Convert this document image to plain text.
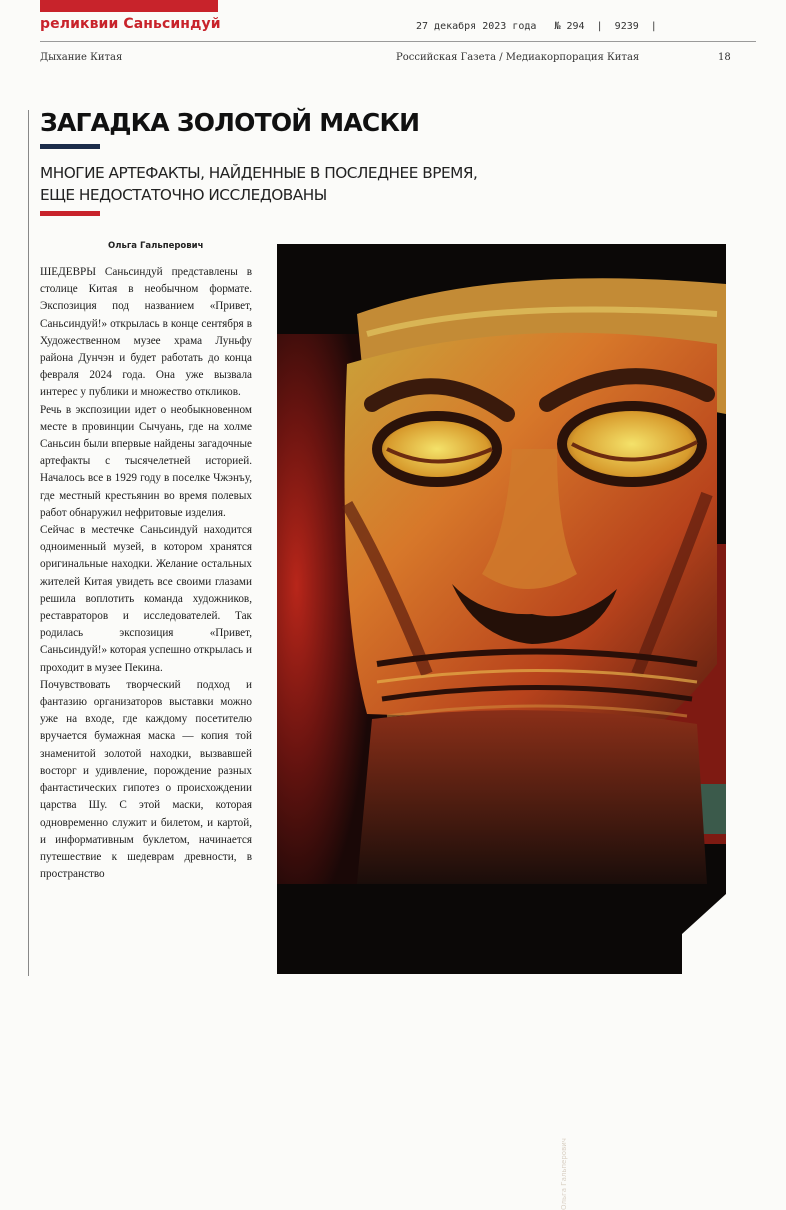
реликвии Саньсиндуй	27 декабря 2023 года   № 294  |  9239  |
Дыхание Китая	Российская Газета / Медиакорпорация Китая	18
ЗАГАДКА ЗОЛОТОЙ МАСКИ
МНОГИЕ АРТЕФАКТЫ, НАЙДЕННЫЕ В ПОСЛЕДНЕЕ ВРЕМЯ,
ЕЩЕ НЕДОСТАТОЧНО ИССЛЕДОВАНЫ
Ольга Гальперович

ШЕДЕВРЫ Саньсиндуй представлены в столице Китая в необычном формате. Экспозиция под названием «Привет, Саньсиндуй!» открылась в конце сентября в Художественном музее храма Луньфу района Дунчэн и будет работать до конца февраля 2024 года. Она уже вызвала интерес у публики и множество откликов.

Речь в экспозиции идет о необыкновенном месте в провинции Сычуань, где на холме Саньсин были впервые найдены загадочные артефакты с тысячелетней историей. Началось все в 1929 году в поселке Чжэнъу, где местный крестьянин во время полевых работ обнаружил нефритовые изделия.

Сейчас в местечке Саньсиндуй находится одноименный музей, в котором хранятся оригинальные находки. Желание остальных жителей Китая увидеть все своими глазами решила воплотить команда художников, реставраторов и исследователей. Так родилась экспозиция «Привет, Саньсиндуй!» которая успешно открылась и проходит в музее Пекина.

Почувствовать творческий подход и фантазию организаторов выставки можно уже на входе, где каждому посетителю вручается бумажная маска — копия той знаменитой золотой находки, вызвавшей восторг и удивление, порождение разных фантастических гипотез о происхождении царства Шу. С этой маски, которая одновременно служит и билетом, и картой, и информативным буклетом, начинается путешествие к шедеврам древности, в пространство

Ольга Гальперович
